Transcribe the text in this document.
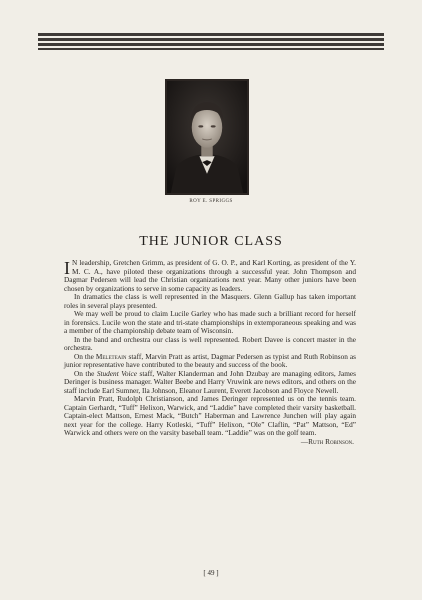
ROY E. SPRIGGS
THE JUNIOR CLASS

I N leadership, Gretchen Grimm, as president of G. O. P., and Karl Korting, as president of the Y. M. C. A., have piloted these organizations through a successful year. John Thompson and Dagmar Pedersen will lead the Christian organizations next year. Many other juniors have been chosen by organizations to serve in some capacity as leaders.

In dramatics the class is well represented in the Masquers. Glenn Gallup has taken important roles in several plays presented.

We may well be proud to claim Lucile Garley who has made such a brilliant record for herself in forensics. Lucile won the state and tri-state championships in extemporaneous speaking and was a member of the championship debate team of Wisconsin.

In the band and orchestra our class is well represented. Robert Davee is concert master in the orchestra.

On the Meleteain staff, Marvin Pratt as artist, Dagmar Pedersen as typist and Ruth Robinson as junior representative have contributed to the beauty and success of the book.

On the Student Voice staff, Walter Klanderman and John Dzubay are managing editors, James Deringer is business manager. Walter Beebe and Harry Vruwink are news editors, and others on the staff include Earl Sumner, Ila Johnson, Eleanor Laurent, Everett Jacobson and Floyce Newell.

Marvin Pratt, Rudolph Christianson, and James Deringer represented us on the tennis team. Captain Gerhardt, “Tuff” Helixon, Warwick, and “Laddie” have completed their varsity basketball. Captain-elect Mattson, Ernest Mack, “Butch” Haberman and Lawrence Junchen will play again next year for the college. Harry Kotleski, “Tuff” Helixon, “Ole” Claflin, “Pat” Mattson, “Ed” Warwick and others were on the varsity baseball team. “Laddie” was on the golf team.

—Ruth Robinson.

[ 49 ]
